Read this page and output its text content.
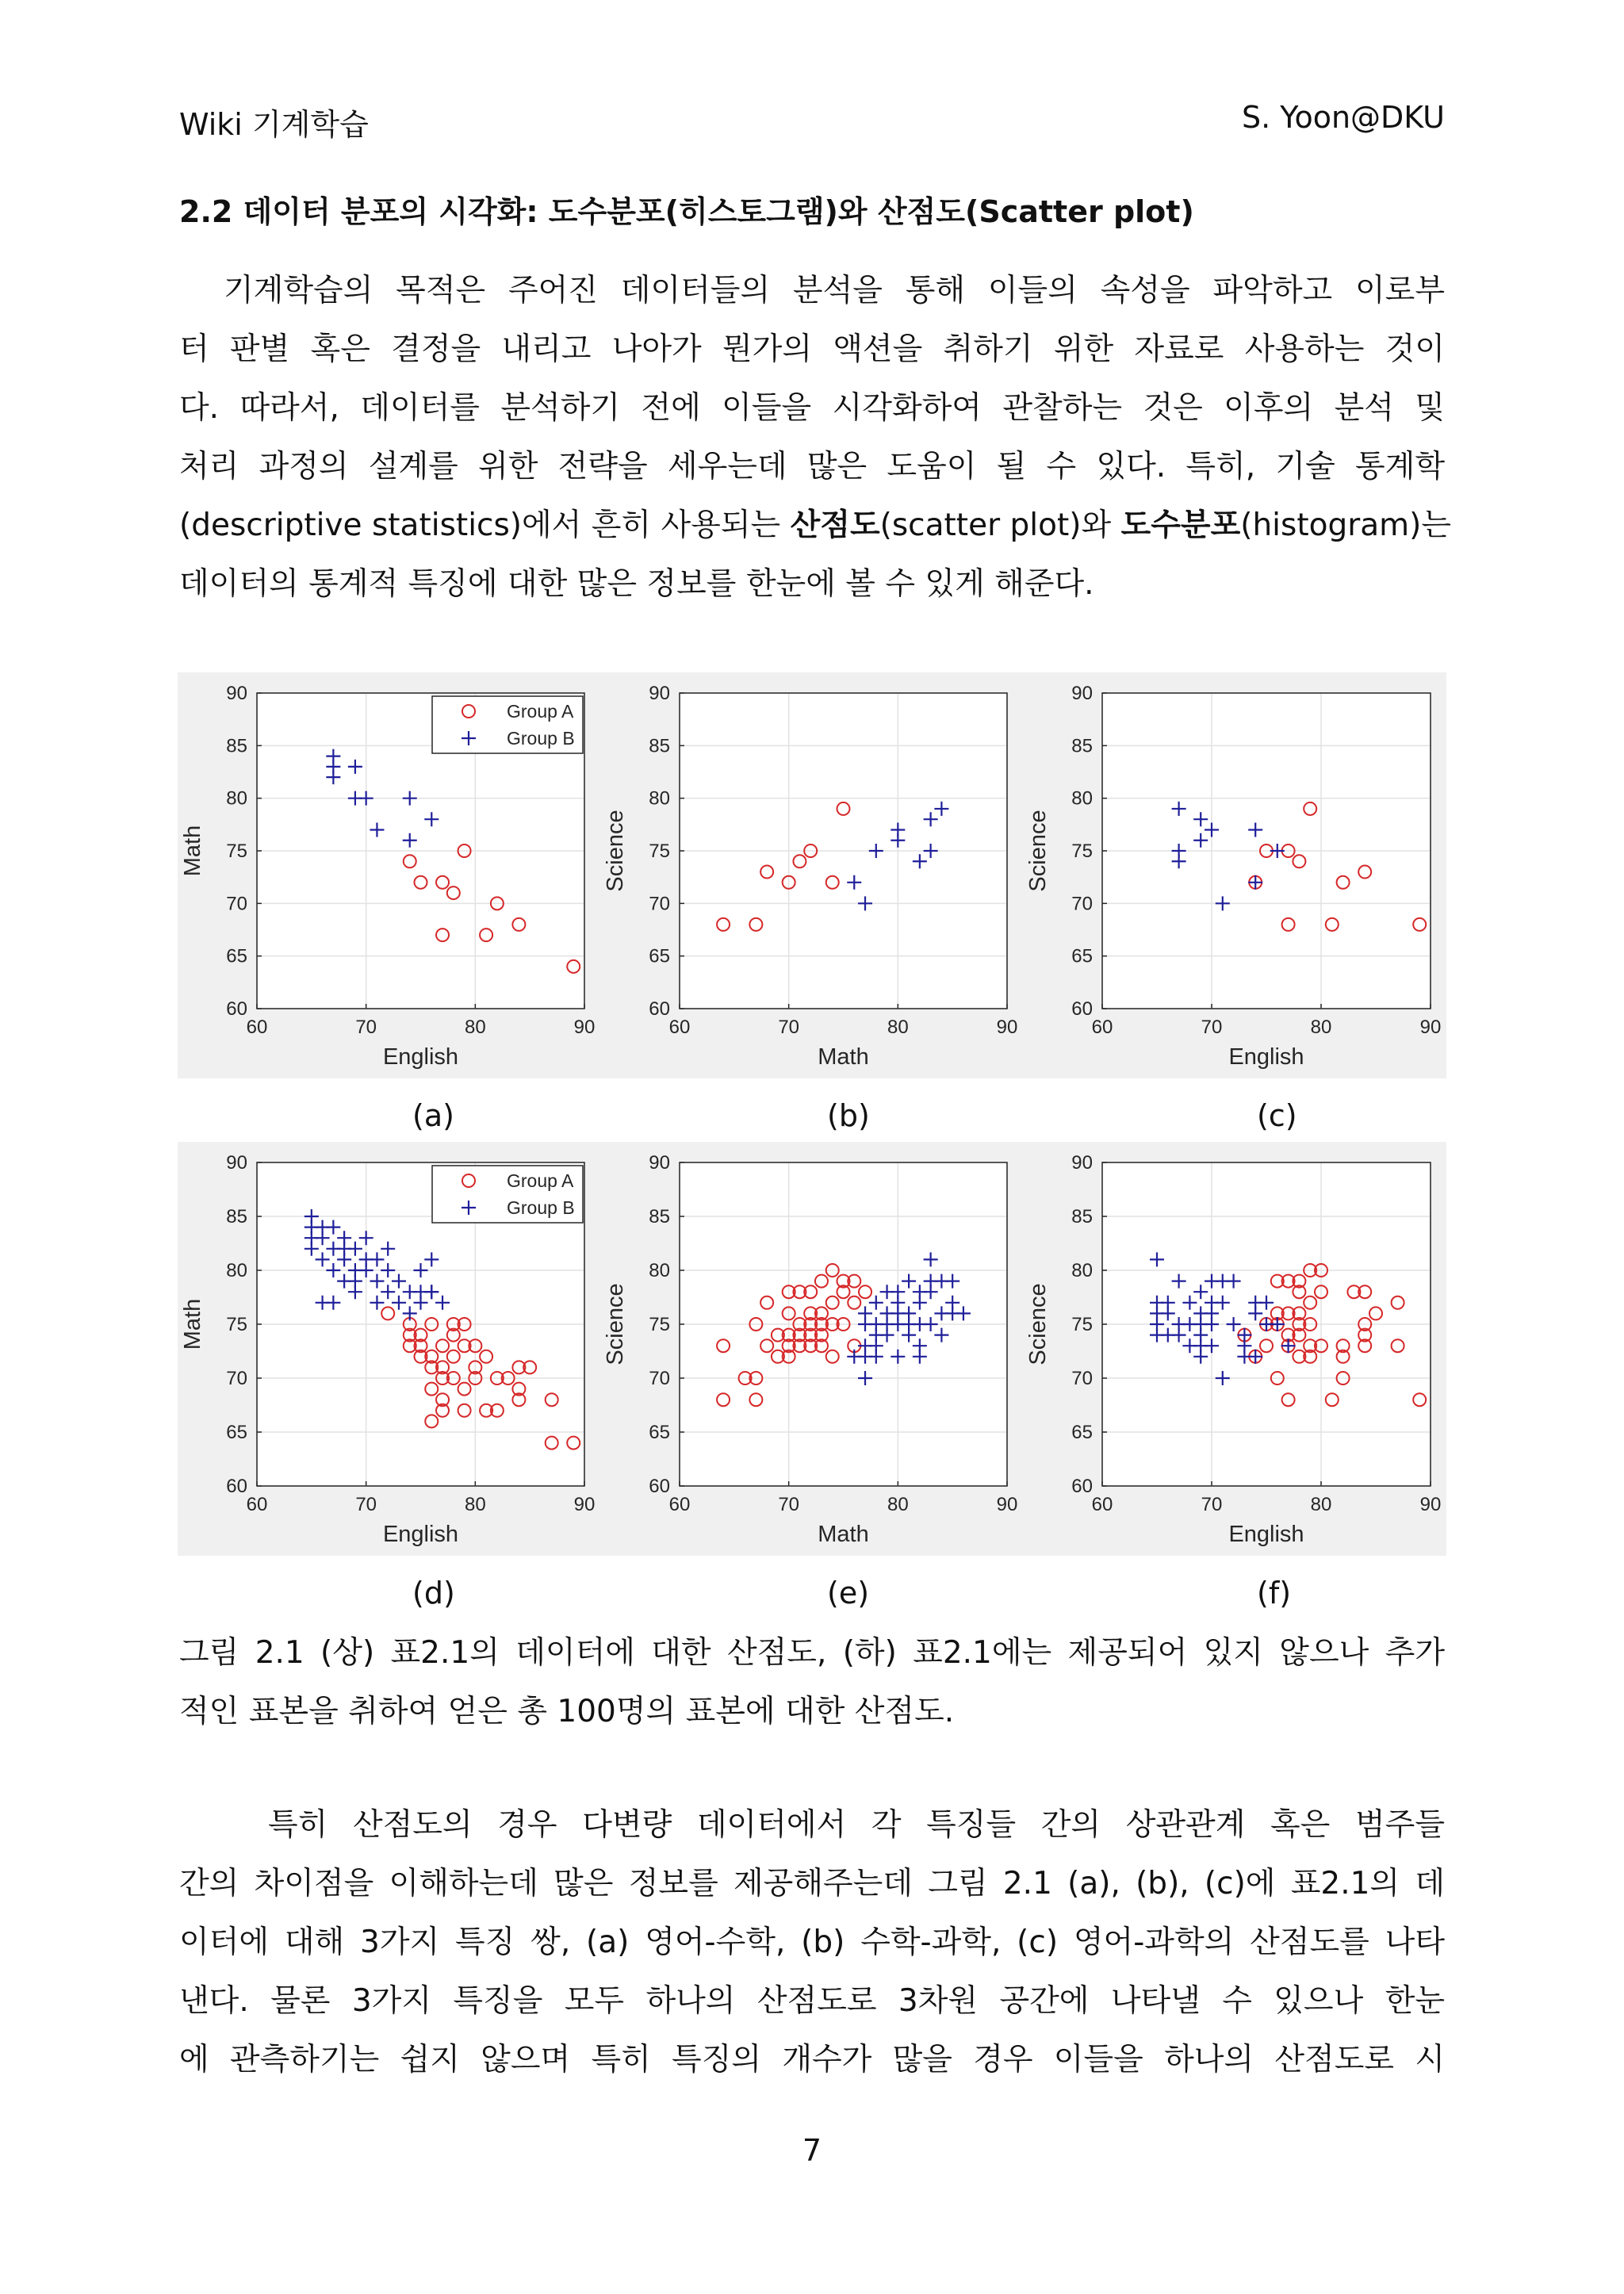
Wiki 기계학습	S. Yoon@DKU
2.2 데이터 분포의 시각화: 도수분포(히스토그램)와 산점도(Scatter plot)
기계학습의 목적은 주어진 데이터들의 분석을 통해 이들의 속성을 파악하고 이로부
터 판별 혹은 결정을 내리고 나아가 뭔가의 액션을 취하기 위한 자료로 사용하는 것이
다. 따라서, 데이터를 분석하기 전에 이들을 시각화하여 관찰하는 것은 이후의 분석 및
처리 과정의 설계를 위한 전략을 세우는데 많은 도움이 될 수 있다. 특히, 기술 통계학
(descriptive statistics)에서 흔히 사용되는 산점도(scatter plot)와 도수분포(histogram)는
데이터의 통계적 특징에 대한 많은 정보를 한눈에 볼 수 있게 해준다.
60	70	80	90
60
65
70
75
80
85
90
English
Math
Group A
Group B
60	70	80	90
60
65
70
75
80
85
90
Math
Science
60	70	80	90
60
65
70
75
80
85
90
English
Science
(a)	(b)	(c)
60	70	80	90
60
65
70
75
80
85
90
English
Math
Group A
Group B
60	70	80	90
60
65
70
75
80
85
90
Math
Science
60	70	80	90
60
65
70
75
80
85
90
English
Science
(d)	(e)	(f)
그림 2.1 (상) 표2.1의 데이터에 대한 산점도, (하) 표2.1에는 제공되어 있지 않으나 추가
적인 표본을 취하여 얻은 총 100명의 표본에 대한 산점도.
특히 산점도의 경우 다변량 데이터에서 각 특징들 간의 상관관계 혹은 범주들
간의 차이점을 이해하는데 많은 정보를 제공해주는데 그림 2.1 (a), (b), (c)에 표2.1의 데
이터에 대해 3가지 특징 쌍, (a) 영어-수학, (b) 수학-과학, (c) 영어-과학의 산점도를 나타
낸다. 물론 3가지 특징을 모두 하나의 산점도로 3차원 공간에 나타낼 수 있으나 한눈
에 관측하기는 쉽지 않으며 특히 특징의 개수가 많을 경우 이들을 하나의 산점도로 시
7
